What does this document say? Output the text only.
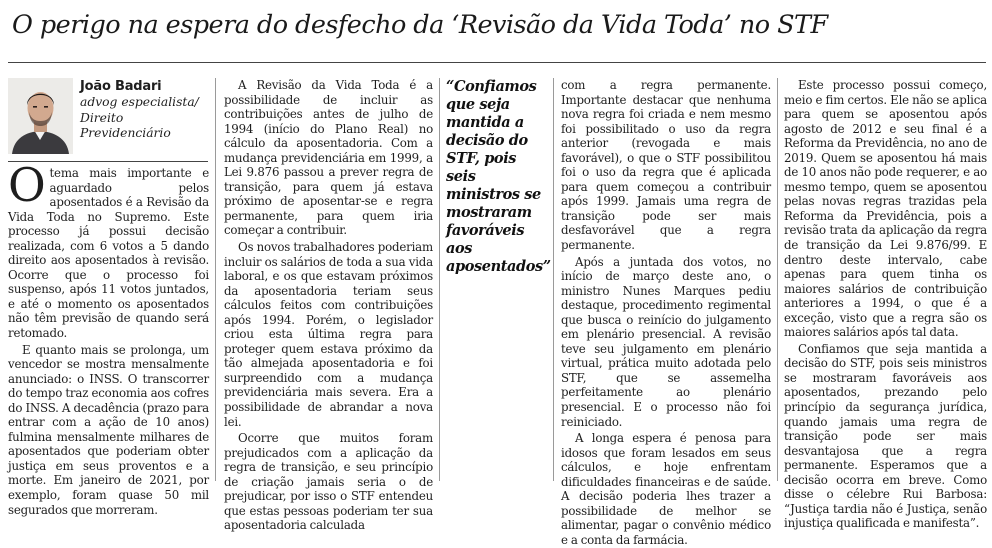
O perigo na espera do desfecho da ‘Revisão da Vida Toda’ no STF
João Badari
advog especialista/ Direito Previdenciário

O tema mais importante e aguardado pelos aposentados é a Revisão da Vida Toda no Supremo. Este processo já possui decisão realizada, com 6 votos a 5 dando direito aos aposentados à revisão. Ocorre que o processo foi suspenso, após 11 votos juntados, e até o momento os aposentados não têm previsão de quando será retomado.

E quanto mais se prolonga, um vencedor se mostra mensalmente anunciado: o INSS. O transcorrer do tempo traz economia aos cofres do INSS. A decadência (prazo para entrar com a ação de 10 anos) fulmina mensalmente milhares de aposentados que poderiam obter justiça em seus proventos e a morte. Em janeiro de 2021, por exemplo, foram quase 50 mil segurados que morreram.

A Revisão da Vida Toda é a possibilidade de incluir as contribuições antes de julho de 1994 (início do Plano Real) no cálculo da aposentadoria. Com a mudança previdenciária em 1999, a Lei 9.876 passou a prever regra de transição, para quem já estava próximo de aposentar-se e regra permanente, para quem iria começar a contribuir.

Os novos trabalhadores poderiam incluir os salários de toda a sua vida laboral, e os que estavam próximos da aposentadoria teriam seus cálculos feitos com contribuições após 1994. Porém, o legislador criou esta última regra para proteger quem estava próximo da tão almejada aposentadoria e foi surpreendido com a mudança previdenciária mais severa. Era a possibilidade de abrandar a nova lei.

Ocorre que muitos foram prejudicados com a aplicação da regra de transição, e seu princípio de criação jamais seria o de prejudicar, por isso o STF entendeu que estas pessoas poderiam ter sua aposentadoria calculada

“Confiamos que seja mantida a decisão do STF, pois seis ministros se mostraram favoráveis aos aposentados”

com a regra permanente. Importante destacar que nenhuma nova regra foi criada e nem mesmo foi possibilitado o uso da regra anterior (revogada e mais favorável), o que o STF possibilitou foi o uso da regra que é aplicada para quem começou a contribuir após 1999. Jamais uma regra de transição pode ser mais desfavorável que a regra permanente.

Após a juntada dos votos, no início de março deste ano, o ministro Nunes Marques pediu destaque, procedimento regimental que busca o reinício do julgamento em plenário presencial. A revisão teve seu julgamento em plenário virtual, prática muito adotada pelo STF, que se assemelha perfeitamente ao plenário presencial. E o processo não foi reiniciado.

A longa espera é penosa para idosos que foram lesados em seus cálculos, e hoje enfrentam dificuldades financeiras e de saúde. A decisão poderia lhes trazer a possibilidade de melhor se alimentar, pagar o convênio médico e a conta da farmácia.

Este processo possui começo, meio e fim certos. Ele não se aplica para quem se aposentou após agosto de 2012 e seu final é a Reforma da Previdência, no ano de 2019. Quem se aposentou há mais de 10 anos não pode requerer, e ao mesmo tempo, quem se aposentou pelas novas regras trazidas pela Reforma da Previdência, pois a revisão trata da aplicação da regra de transição da Lei 9.876/99. E dentro deste intervalo, cabe apenas para quem tinha os maiores salários de contribuição anteriores a 1994, o que é a exceção, visto que a regra são os maiores salários após tal data.

Confiamos que seja mantida a decisão do STF, pois seis ministros se mostraram favoráveis aos aposentados, prezando pelo princípio da segurança jurídica, quando jamais uma regra de transição pode ser mais desvantajosa que a regra permanente. Esperamos que a decisão ocorra em breve. Como disse o célebre Rui Barbosa: “Justiça tardia não é Justiça, senão injustiça qualificada e manifesta”.
